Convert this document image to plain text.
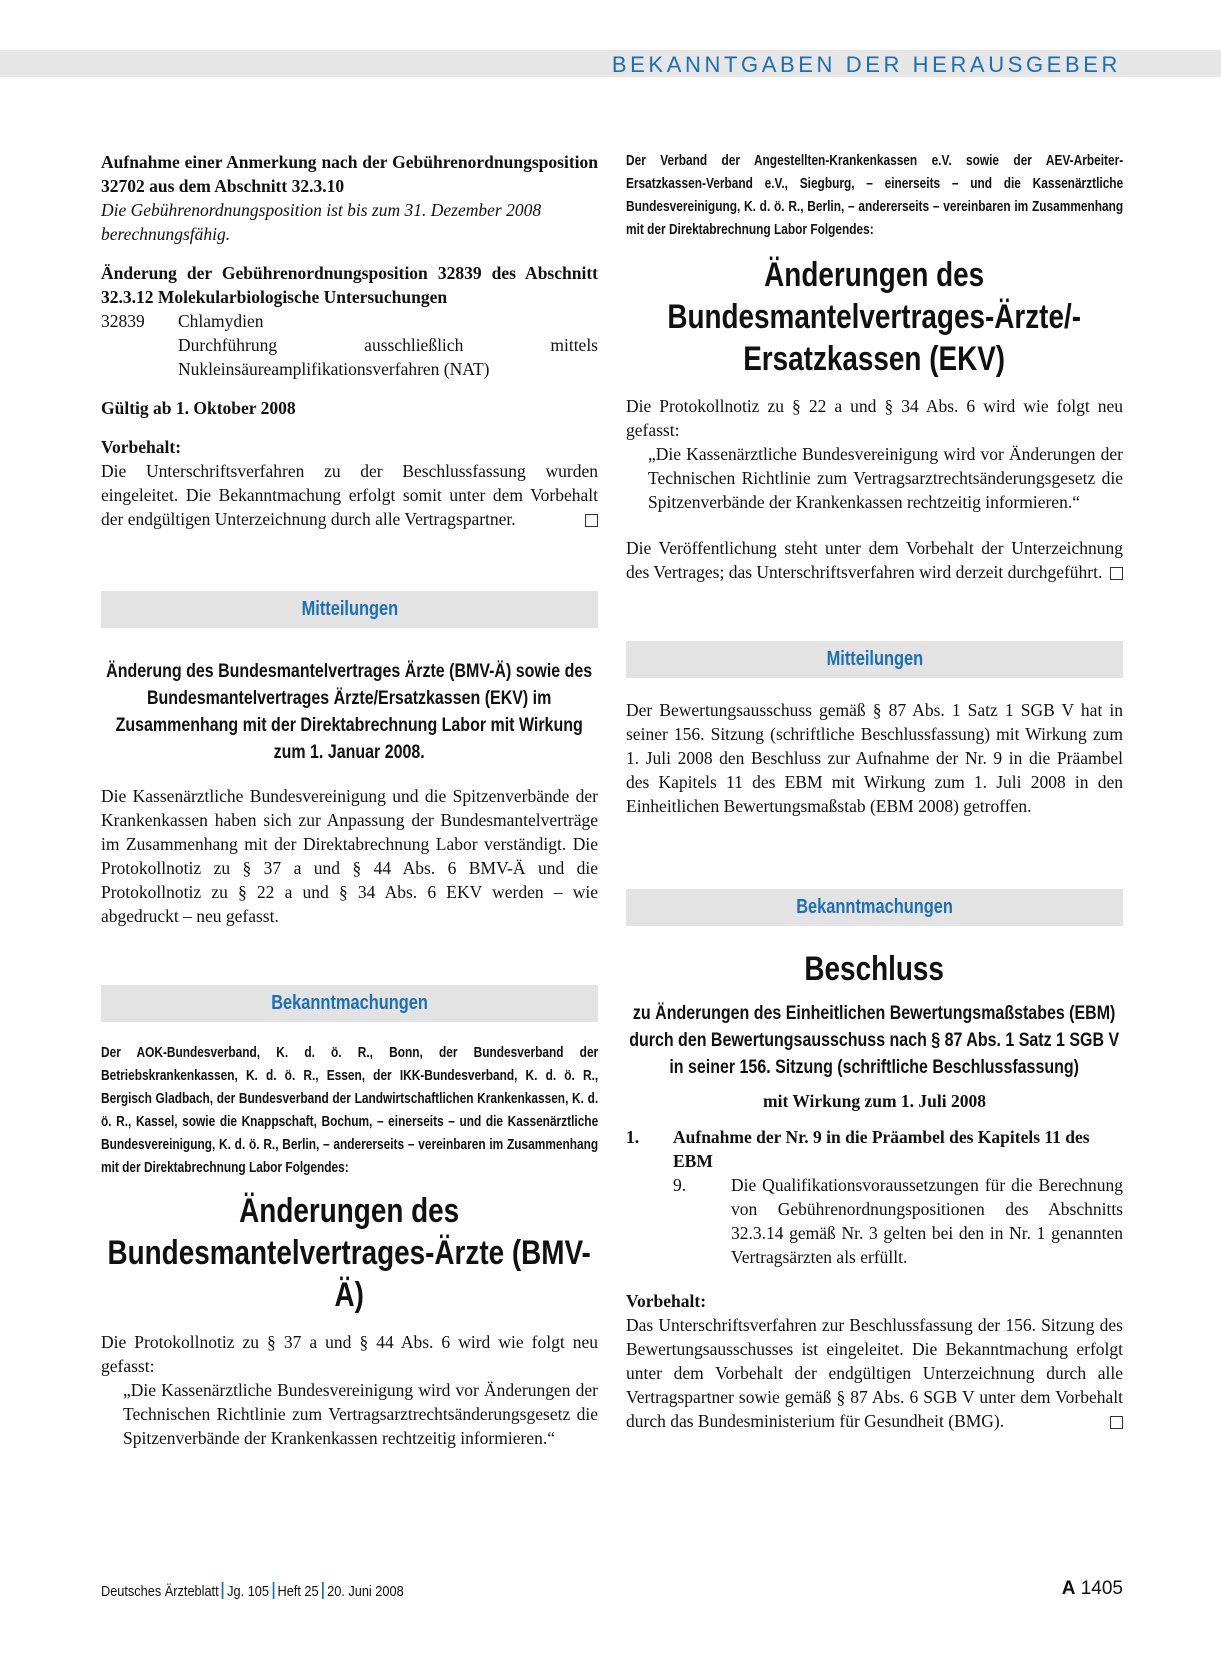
BEKANNTGABEN DER HERAUSGEBER

Aufnahme einer Anmerkung nach der Gebührenordnungsposition 32702 aus dem Abschnitt 32.3.10

Die Gebührenordnungsposition ist bis zum 31. Dezember 2008 berechnungsfähig.

Änderung der Gebührenordnungsposition 32839 des Abschnitt 32.3.12 Molekularbiologische Untersuchungen

32839	Chlamydien

Durchführung ausschließlich mittels Nukleinsäureamplifikationsverfahren (NAT)

Gültig ab 1. Oktober 2008

Vorbehalt:

Die Unterschriftsverfahren zu der Beschlussfassung wurden eingeleitet. Die Bekanntmachung erfolgt somit unter dem Vorbehalt der endgültigen Unterzeichnung durch alle Vertragspartner.

Mitteilungen

Änderung des Bundesmantelvertrages Ärzte (BMV-Ä) sowie des Bundesmantelvertrages Ärzte/Ersatzkassen (EKV) im Zusammenhang mit der Direktabrechnung Labor mit Wirkung zum 1. Januar 2008.

Die Kassenärztliche Bundesvereinigung und die Spitzenverbände der Krankenkassen haben sich zur Anpassung der Bundesmantelverträge im Zusammenhang mit der Direktabrechnung Labor verständigt. Die Protokollnotiz zu § 37 a und § 44 Abs. 6 BMV-Ä und die Protokollnotiz zu § 22 a und § 34 Abs. 6 EKV werden – wie abgedruckt – neu gefasst.

Bekanntmachungen

Der AOK-Bundesverband, K. d. ö. R., Bonn, der Bundesverband der Betriebskrankenkassen, K. d. ö. R., Essen, der IKK-Bundesverband, K. d. ö. R., Bergisch Gladbach, der Bundesverband der Landwirtschaftlichen Krankenkassen, K. d. ö. R., Kassel, sowie die Knappschaft, Bochum, – einerseits – und die Kassenärztliche Bundesvereinigung, K. d. ö. R., Berlin, – andererseits – vereinbaren im Zusammenhang mit der Direktabrechnung Labor Folgendes:

Änderungen des Bundesmantelvertrages-Ärzte (BMV-Ä)

Die Protokollnotiz zu § 37 a und § 44 Abs. 6 wird wie folgt neu gefasst:

„Die Kassenärztliche Bundesvereinigung wird vor Änderungen der Technischen Richtlinie zum Vertragsarztrechtsänderungsgesetz die Spitzenverbände der Krankenkassen rechtzeitig informieren.“

Der Verband der Angestellten-Krankenkassen e.V. sowie der AEV-Arbeiter-Ersatzkassen-Verband e.V., Siegburg, – einerseits – und die Kassenärztliche Bundesvereinigung, K. d. ö. R., Berlin, – andererseits – vereinbaren im Zusammenhang mit der Direktabrechnung Labor Folgendes:

Änderungen des Bundesmantelvertrages-Ärzte/-Ersatzkassen (EKV)

Die Protokollnotiz zu § 22 a und § 34 Abs. 6 wird wie folgt neu gefasst:

„Die Kassenärztliche Bundesvereinigung wird vor Änderungen der Technischen Richtlinie zum Vertragsarztrechtsänderungsgesetz die Spitzenverbände der Krankenkassen rechtzeitig informieren.“

Die Veröffentlichung steht unter dem Vorbehalt der Unterzeichnung des Vertrages; das Unterschriftsverfahren wird derzeit durchgeführt.

Mitteilungen

Der Bewertungsausschuss gemäß § 87 Abs. 1 Satz 1 SGB V hat in seiner 156. Sitzung (schriftliche Beschlussfassung) mit Wirkung zum 1. Juli 2008 den Beschluss zur Aufnahme der Nr. 9 in die Präambel des Kapitels 11 des EBM mit Wirkung zum 1. Juli 2008 in den Einheitlichen Bewertungsmaßstab (EBM 2008) getroffen.

Bekanntmachungen

Beschluss

zu Änderungen des Einheitlichen Bewertungsmaßstabes (EBM) durch den Bewertungsausschuss nach § 87 Abs. 1 Satz 1 SGB V in seiner 156. Sitzung (schriftliche Beschlussfassung)

mit Wirkung zum 1. Juli 2008

1.	Aufnahme der Nr. 9 in die Präambel des Kapitels 11 des EBM
9.	Die Qualifikationsvoraussetzungen für die Berechnung von Gebührenordnungspositionen des Abschnitts 32.3.14 gemäß Nr. 3 gelten bei den in Nr. 1 genannten Vertragsärzten als erfüllt.

Vorbehalt:

Das Unterschriftsverfahren zur Beschlussfassung der 156. Sitzung des Bewertungsausschusses ist eingeleitet. Die Bekanntmachung erfolgt unter dem Vorbehalt der endgültigen Unterzeichnung durch alle Vertragspartner sowie gemäß § 87 Abs. 6 SGB V unter dem Vorbehalt durch das Bundesministerium für Gesundheit (BMG).

Deutsches Ärzteblatt Jg. 105 Heft 25 20. Juni 2008	A 1405
